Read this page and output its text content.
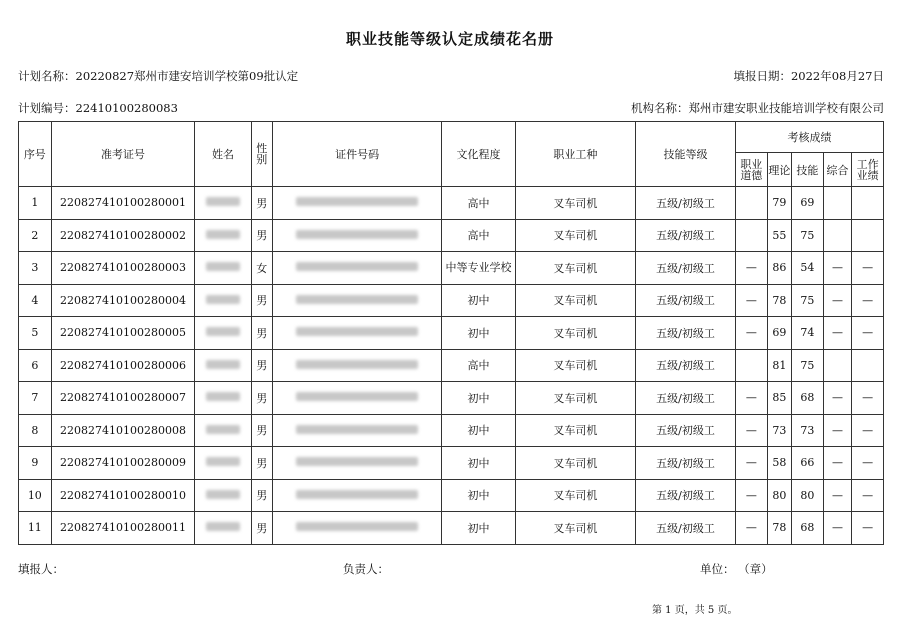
职业技能等级认定成绩花名册
计划名称：20220827郑州市建安培训学校第09批认定	填报日期：2022年08月27日
计划编号：22410100280083	机构名称：郑州市建安职业技能培训学校有限公司
序号	准考证号	姓名	性别	证件号码	文化程度	职业工种	技能等级	考核成绩				
								职业道德	理论	技能	综合	工作业绩
1	220827410100280001		男		高中	叉车司机	五级/初级工		79	69		
2	220827410100280002		男		高中	叉车司机	五级/初级工		55	75		
3	220827410100280003		女		中等专业学校	叉车司机	五级/初级工	—	86	54	—	—
4	220827410100280004		男		初中	叉车司机	五级/初级工	—	78	75	—	—
5	220827410100280005		男		初中	叉车司机	五级/初级工	—	69	74	—	—
6	220827410100280006		男		高中	叉车司机	五级/初级工		81	75		
7	220827410100280007		男		初中	叉车司机	五级/初级工	—	85	68	—	—
8	220827410100280008		男		初中	叉车司机	五级/初级工	—	73	73	—	—
9	220827410100280009		男		初中	叉车司机	五级/初级工	—	58	66	—	—
10	220827410100280010		男		初中	叉车司机	五级/初级工	—	80	80	—	—
11	220827410100280011		男		初中	叉车司机	五级/初级工	—	78	68	—	—
填报人：	负责人：	单位： （章）
第 1 页，共 5 页。
